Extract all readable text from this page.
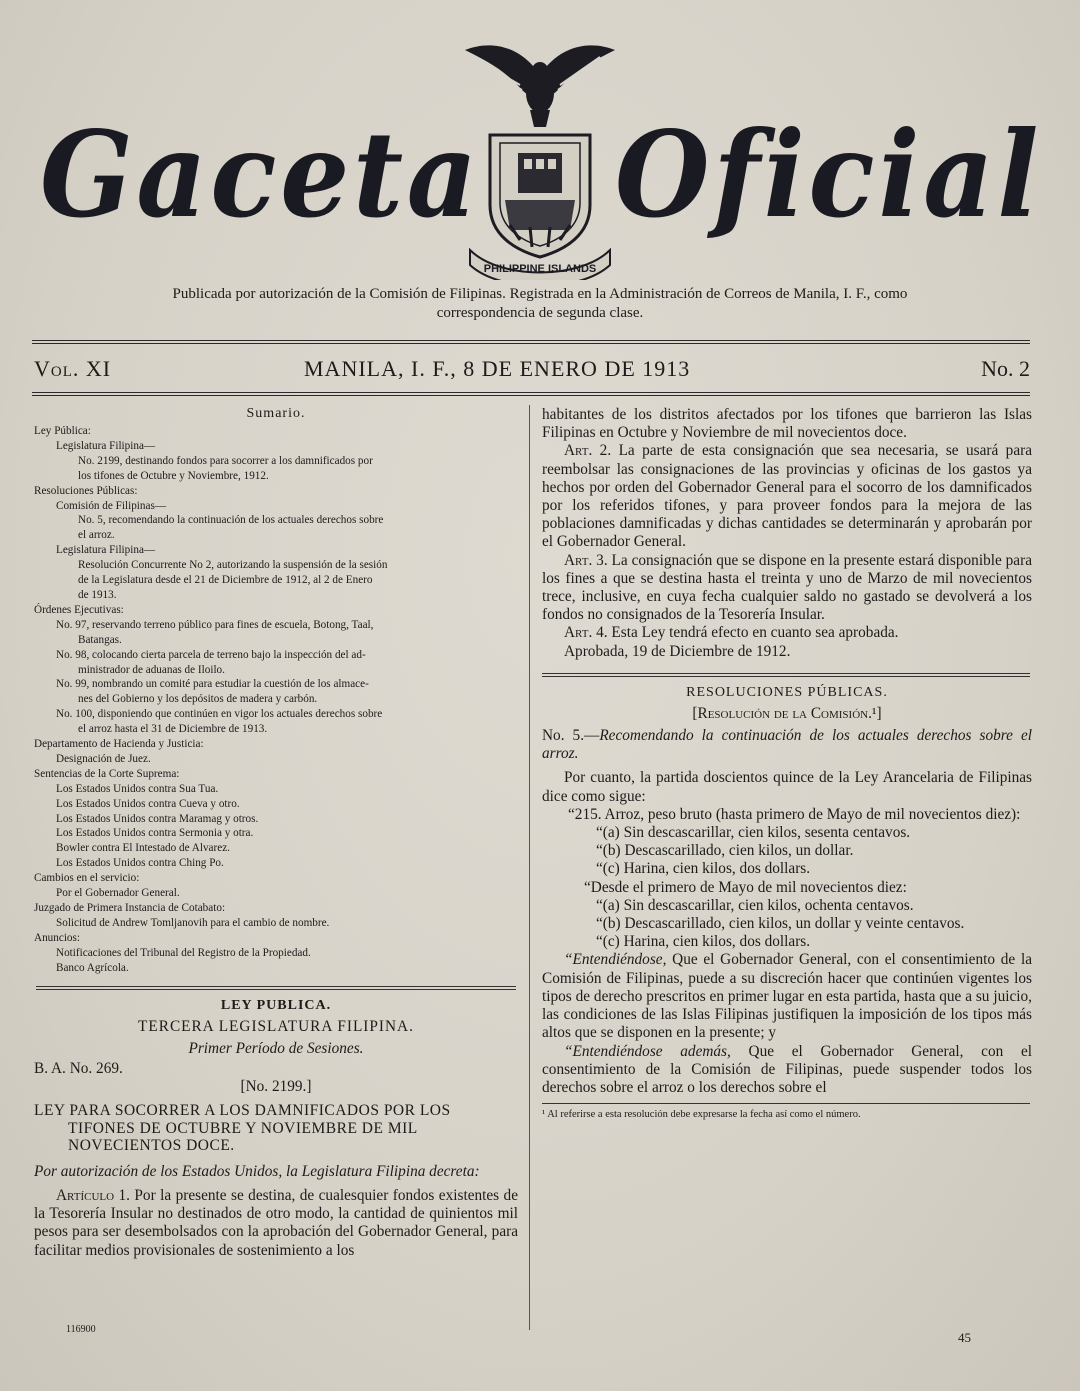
Gaceta
PHILIPPINE ISLANDS
Oficial
Publicada por autorización de la Comisión de Filipinas. Registrada en la Administración de Correos de Manila, I. F., como
correspondencia de segunda clase.
Vol. XI	MANILA, I. F., 8 DE ENERO DE 1913	No. 2
Sumario.
Ley Pública:
Legislatura Filipina—
No. 2199, destinando fondos para socorrer a los damnificados por
los tifones de Octubre y Noviembre, 1912.
Resoluciones Públicas:
Comisión de Filipinas—
No. 5, recomendando la continuación de los actuales derechos sobre
el arroz.
Legislatura Filipina—
Resolución Concurrente No 2, autorizando la suspensión de la sesión
de la Legislatura desde el 21 de Diciembre de 1912, al 2 de Enero
de 1913.
Órdenes Ejecutivas:
No. 97, reservando terreno público para fines de escuela, Botong, Taal,
Batangas.
No. 98, colocando cierta parcela de terreno bajo la inspección del ad-
ministrador de aduanas de Iloilo.
No. 99, nombrando un comité para estudiar la cuestión de los almace-
nes del Gobierno y los depósitos de madera y carbón.
No. 100, disponiendo que continúen en vigor los actuales derechos sobre
el arroz hasta el 31 de Diciembre de 1913.
Departamento de Hacienda y Justicia:
Designación de Juez.
Sentencias de la Corte Suprema:
Los Estados Unidos contra Sua Tua.
Los Estados Unidos contra Cueva y otro.
Los Estados Unidos contra Maramag y otros.
Los Estados Unidos contra Sermonia y otra.
Bowler contra El Intestado de Alvarez.
Los Estados Unidos contra Ching Po.
Cambios en el servicio:
Por el Gobernador General.
Juzgado de Primera Instancia de Cotabato:
Solicitud de Andrew Tomljanovih para el cambio de nombre.
Anuncios:
Notificaciones del Tribunal del Registro de la Propiedad.
Banco Agrícola.
LEY PUBLICA.

TERCERA LEGISLATURA FILIPINA.

Primer Período de Sesiones.

B. A. No. 269.

[No. 2199.]

LEY PARA SOCORRER A LOS DAMNIFICADOS POR LOS TIFONES DE OCTUBRE Y NOVIEMBRE DE MIL NOVECIENTOS DOCE.

Por autorización de los Estados Unidos, la Legislatura Filipina decreta:

Artículo 1. Por la presente se destina, de cualesquier fondos existentes de la Tesorería Insular no destinados de otro modo, la cantidad de quinientos mil pesos para ser desembolsados con la aprobación del Gobernador General, para facilitar medios provisionales de sostenimiento a los

habitantes de los distritos afectados por los tifones que barrieron las Islas Filipinas en Octubre y Noviembre de mil novecientos doce.

Art. 2. La parte de esta consignación que sea necesaria, se usará para reembolsar las consignaciones de las provincias y oficinas de los gastos ya hechos por orden del Gobernador General para el socorro de los damnificados por los referidos tifones, y para proveer fondos para la mejora de las poblaciones damnificadas y dichas cantidades se determinarán y aprobarán por el Gobernador General.

Art. 3. La consignación que se dispone en la presente estará disponible para los fines a que se destina hasta el treinta y uno de Marzo de mil novecientos trece, inclusive, en cuya fecha cualquier saldo no gastado se devolverá a los fondos no consignados de la Tesorería Insular.

Art. 4. Esta Ley tendrá efecto en cuanto sea aprobada.

Aprobada, 19 de Diciembre de 1912.

RESOLUCIONES PÚBLICAS.

[Resolución de la Comisión.¹]

No. 5.—Recomendando la continuación de los actuales derechos sobre el arroz.

Por cuanto, la partida doscientos quince de la Ley Arancelaria de Filipinas dice como sigue:

“215. Arroz, peso bruto (hasta primero de Mayo de mil novecientos diez):

“(a) Sin descascarillar, cien kilos, sesenta centavos.

“(b) Descascarillado, cien kilos, un dollar.

“(c) Harina, cien kilos, dos dollars.

“Desde el primero de Mayo de mil novecientos diez:

“(a) Sin descascarillar, cien kilos, ochenta centavos.

“(b) Descascarillado, cien kilos, un dollar y veinte centavos.

“(c) Harina, cien kilos, dos dollars.

“Entendiéndose, Que el Gobernador General, con el consentimiento de la Comisión de Filipinas, puede a su discreción hacer que continúen vigentes los tipos de derecho prescritos en primer lugar en esta partida, hasta que a su juicio, las condiciones de las Islas Filipinas justifiquen la imposición de los tipos más altos que se disponen en la presente; y

“Entendiéndose además, Que el Gobernador General, con el consentimiento de la Comisión de Filipinas, puede suspender todos los derechos sobre el arroz o los derechos sobre el

¹ Al referirse a esta resolución debe expresarse la fecha así como el número.
116900
45
